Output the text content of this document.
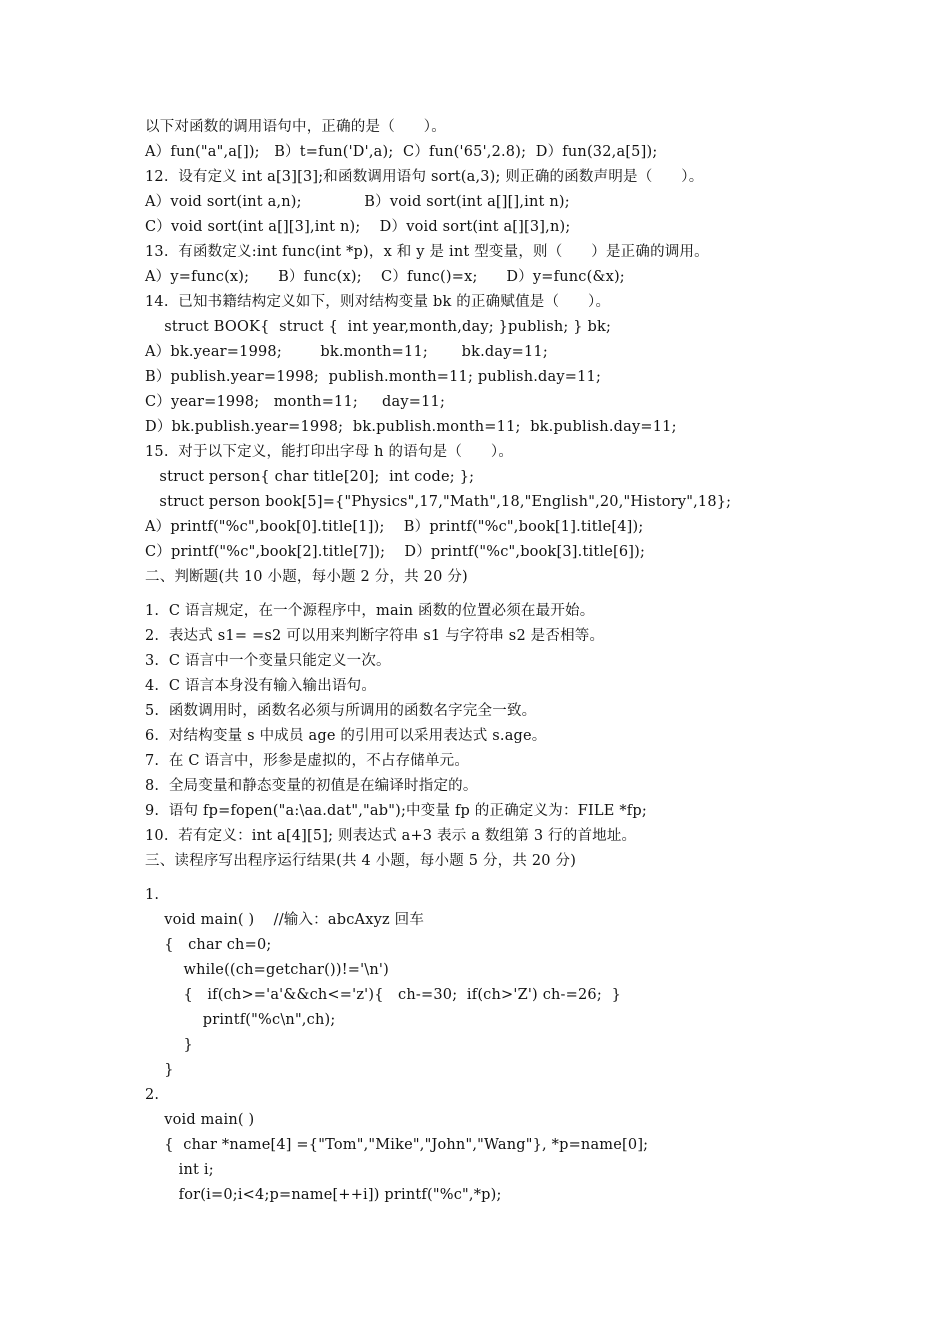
以下对函数的调用语句中，正确的是（      ）。
A）fun("a",a[]);   B）t=fun('D',a);  C）fun('65',2.8);  D）fun(32,a[5]);
12.  设有定义 int a[3][3];和函数调用语句 sort(a,3); 则正确的函数声明是（      ）。
A）void sort(int a,n);             B）void sort(int a[][],int n);
C）void sort(int a[][3],int n);    D）void sort(int a[][3],n);
13.  有函数定义:int func(int *p)，x 和 y 是 int 型变量，则（      ）是正确的调用。
A）y=func(x);      B）func(x);    C）func()=x;      D）y=func(&x);
14.  已知书籍结构定义如下，则对结构变量 bk 的正确赋值是（      ）。
struct BOOK{  struct {  int year,month,day; }publish; } bk;
A）bk.year=1998;        bk.month=11;       bk.day=11;
B）publish.year=1998;  publish.month=11; publish.day=11;
C）year=1998;   month=11;     day=11;
D）bk.publish.year=1998;  bk.publish.month=11;  bk.publish.day=11;
15.  对于以下定义，能打印出字母 h 的语句是（      ）。
struct person{ char title[20];  int code; };
struct person book[5]={"Physics",17,"Math",18,"English",20,"History",18};
A）printf("%c",book[0].title[1]);    B）printf("%c",book[1].title[4]);
C）printf("%c",book[2].title[7]);    D）printf("%c",book[3].title[6]);
二、判断题(共 10 小题，每小题 2 分，共 20 分)
1.  C 语言规定，在一个源程序中，main 函数的位置必须在最开始。
2.  表达式 s1= =s2 可以用来判断字符串 s1 与字符串 s2 是否相等。
3.  C 语言中一个变量只能定义一次。
4.  C 语言本身没有输入输出语句。
5.  函数调用时，函数名必须与所调用的函数名字完全一致。
6.  对结构变量 s 中成员 age 的引用可以采用表达式 s.age。
7.  在 C 语言中，形参是虚拟的，不占存储单元。
8.  全局变量和静态变量的初值是在编译时指定的。
9.  语句 fp=fopen("a:\aa.dat","ab");中变量 fp 的正确定义为：FILE *fp;
10.  若有定义：int a[4][5]; 则表达式 a+3 表示 a 数组第 3 行的首地址。
三、读程序写出程序运行结果(共 4 小题，每小题 5 分，共 20 分)
1.
void main( )    //输入：abcAxyz 回车
{   char ch=0;
while((ch=getchar())!='\n')
{   if(ch>='a'&&ch<='z'){   ch-=30;  if(ch>'Z') ch-=26;  }
printf("%c\n",ch);
}
}
2.
void main( )
{  char *name[4] ={"Tom","Mike","John","Wang"}, *p=name[0];
int i;
for(i=0;i<4;p=name[++i]) printf("%c",*p);
